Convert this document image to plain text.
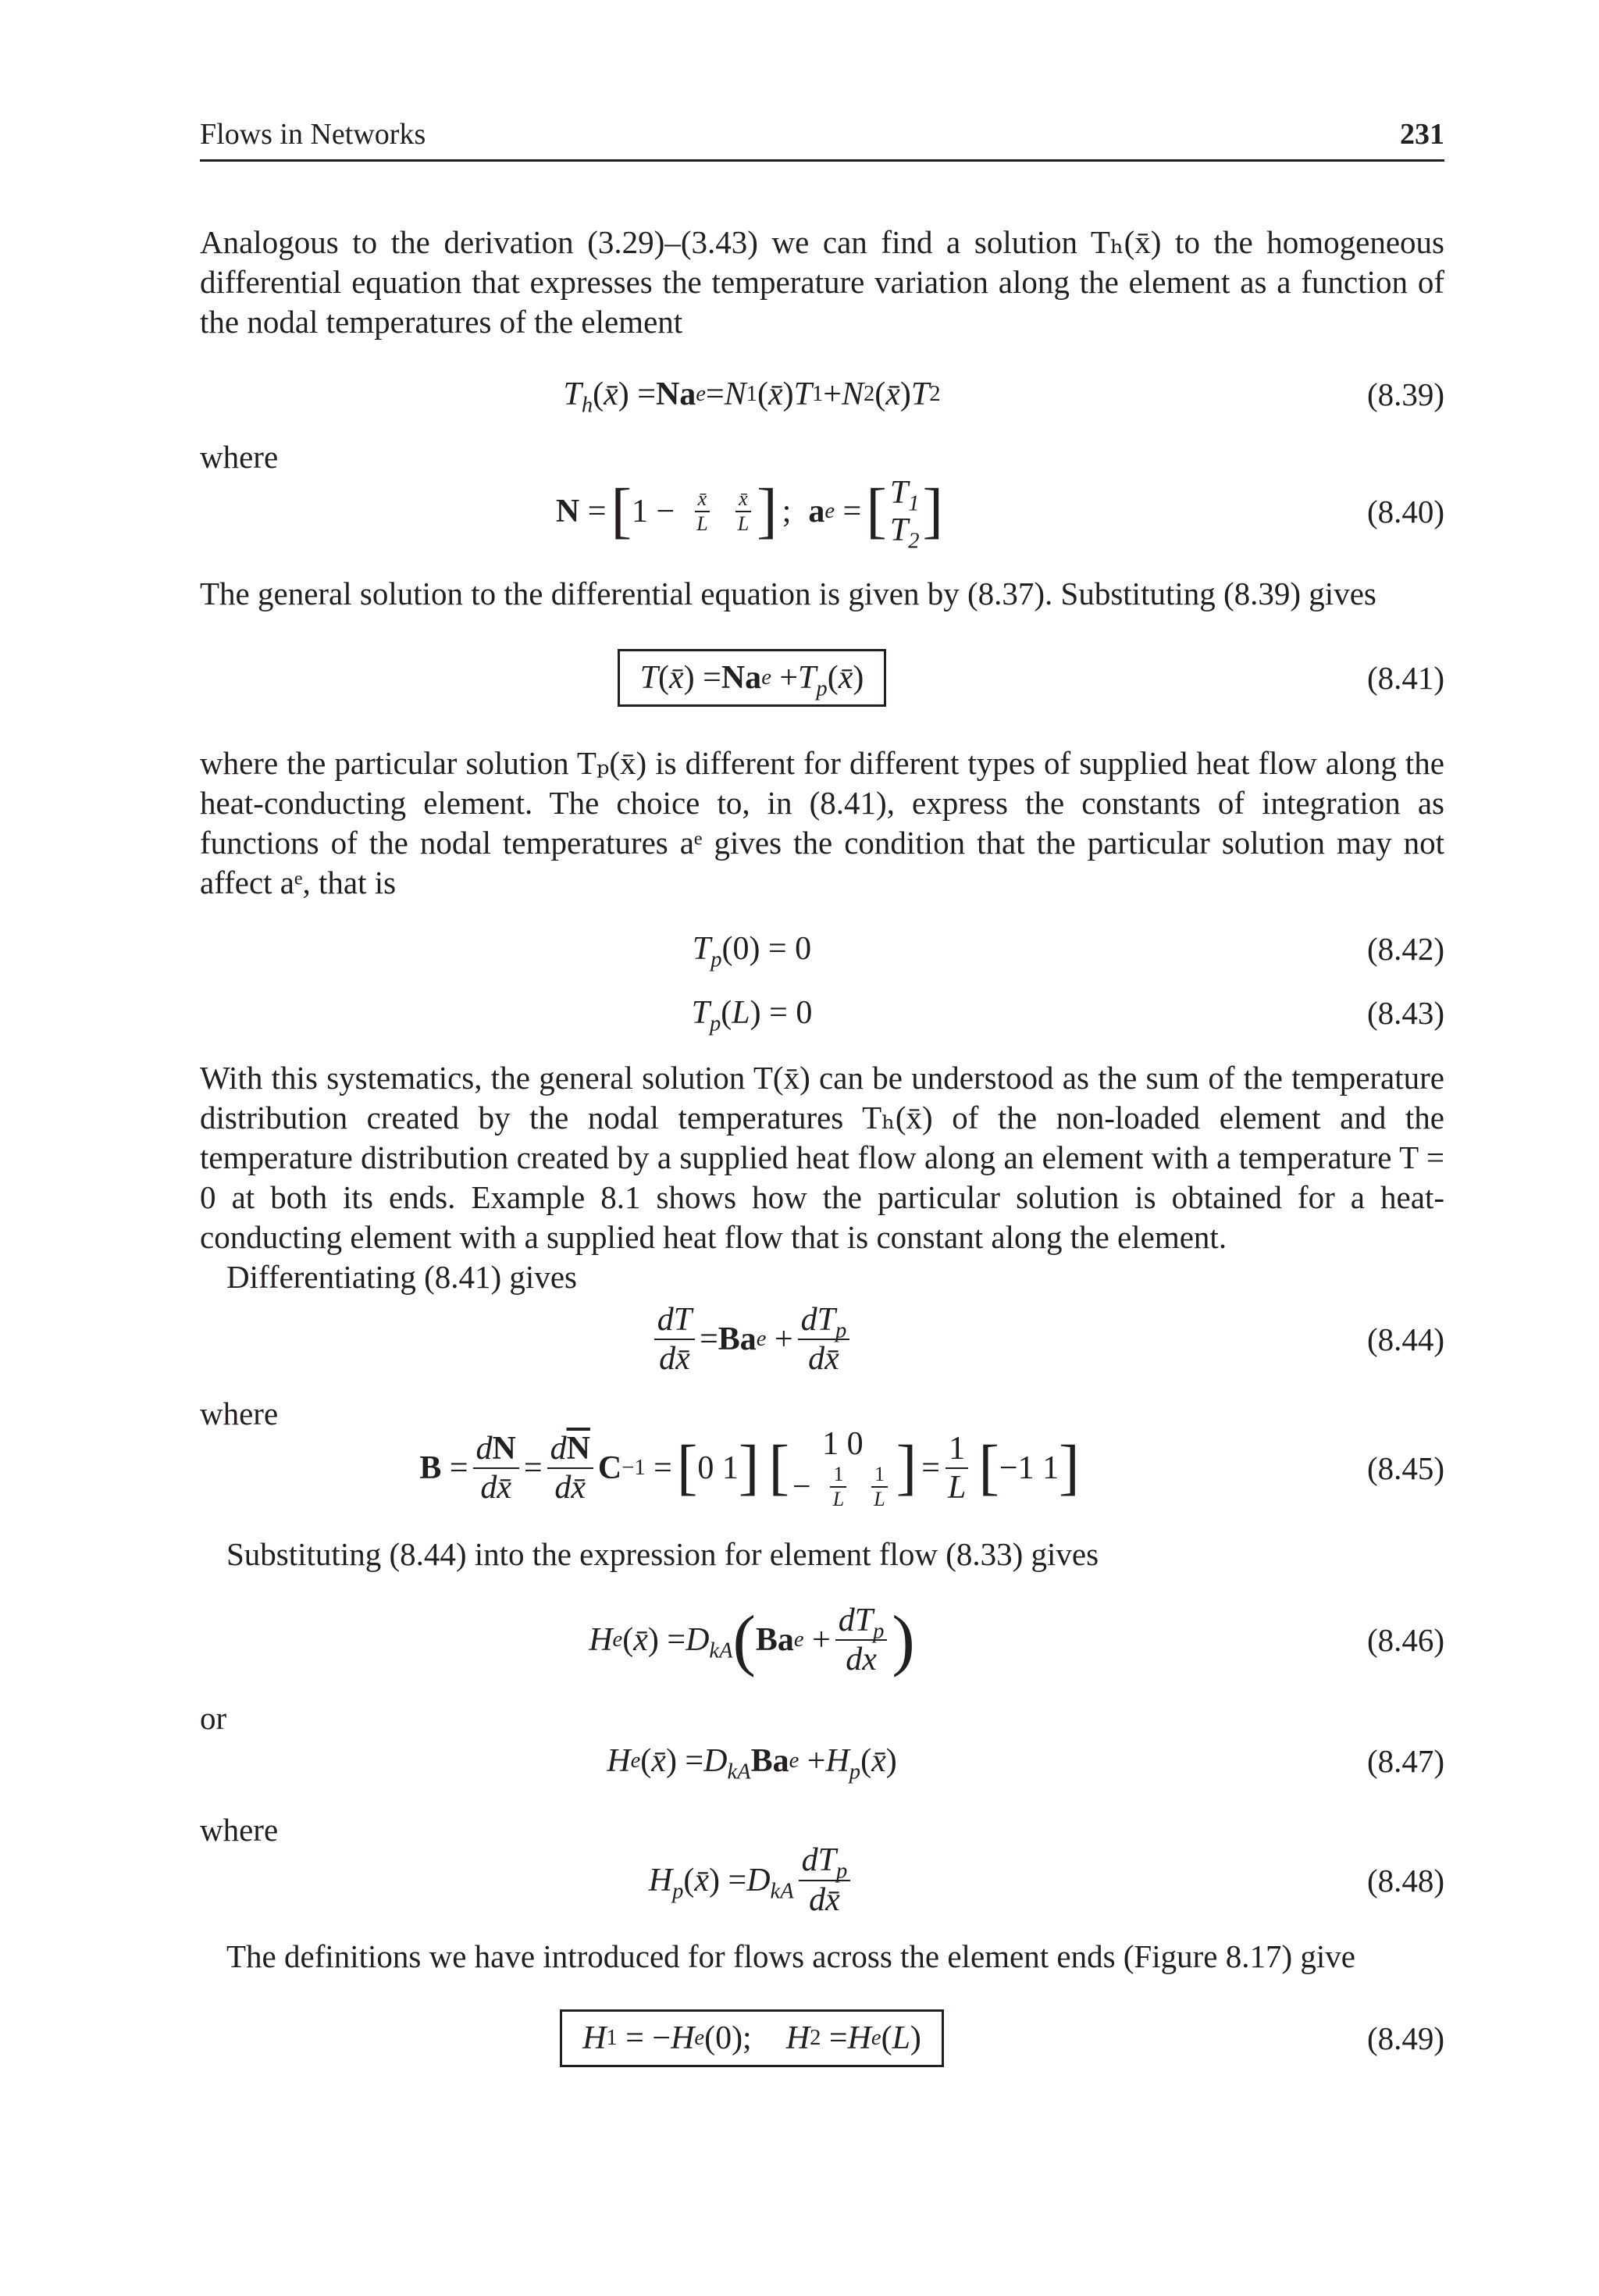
Flows in Networks	231

Analogous to the derivation (3.29)–(3.43) we can find a solution Tₕ(x̄) to the homogeneous differential equation that expresses the temperature variation along the element as a function of the nodal temperatures of the element

$T_h$ ( x̄ ) = Na e = N 1 ( x̄ ) T 1 + N 2 ( x̄ ) T 2	(8.39)
where
N = [ $1 - \frac{x̄}{L} \frac{x̄}{L}$ ] ; a e = [ $T_1$
$T_2$ ]	(8.40)

The general solution to the differential equation is given by (8.37). Substituting (8.39) gives

T ( x̄ ) = Na $e + T_p$ ( x̄ )	(8.41)

where the particular solution Tₚ(x̄) is different for different types of supplied heat flow along the heat-conducting element. The choice to, in (8.41), express the constants of integration as functions of the nodal temperatures aᵉ gives the condition that the particular solution may not affect aᵉ, that is

$T_p$ (0) = 0	(8.42)
$T_p$ ( L ) = 0	(8.43)

With this systematics, the general solution T(x̄) can be understood as the sum of the temperature distribution created by the nodal temperatures Tₕ(x̄) of the non-loaded element and the temperature distribution created by a supplied heat flow along an element with a temperature T = 0 at both its ends. Example 8.1 shows how the particular solution is obtained for a heat-conducting element with a supplied heat flow that is constant along the element.

Differentiating (8.41) gives

$\frac{dT}{dx̄} = Ba$ $e + \frac{dT_p}{dx̄}$	(8.44)
where
$B = \frac{dN}{dx̄} = \frac{d\overline{N}}{dx̄}$ C −1 = [ 0 1 ] [ 1 0
− $\frac{1}{L} \frac{1}{L}$ ] = $\frac{1}{L}$ [ −1 1 ]	(8.45)

Substituting (8.44) into the expression for element flow (8.33) gives

H e ( x̄ ) = $D_{kA}$ ( Ba $e + \frac{dT_p}{dx}$ )	(8.46)
or
H e ( x̄ ) = $D_{kA}$ Ba $e + H_p$ ( x̄ )	(8.47)
where
$H_p$ ( x̄ ) = $D_{kA} \frac{dT_p}{dx̄}$	(8.48)

The definitions we have introduced for flows across the element ends (Figure 8.17) give

H 1 = − H e (0); H 2 = H e ( L )	(8.49)
